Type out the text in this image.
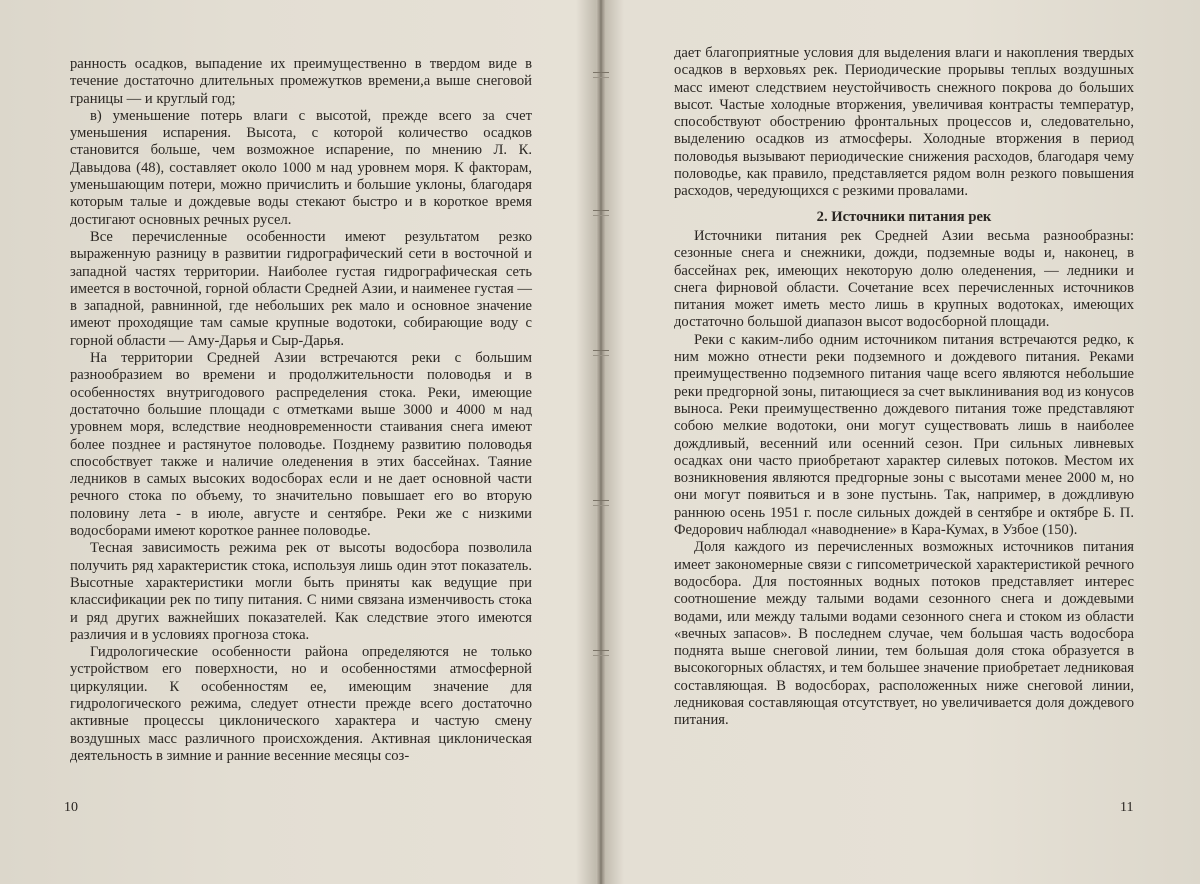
ранность осадков, выпадение их преимущественно в твердом виде в течение достаточно длительных промежутков времени,а выше снеговой границы — и круглый год;

в) уменьшение потерь влаги с высотой, прежде всего за счет уменьшения испарения. Высота, с которой количество осадков становится больше, чем возможное испарение, по мнению Л. К. Давыдова (48), составляет около 1000 м над уровнем моря. К факторам, уменьшающим потери, можно причислить и большие уклоны, благодаря которым талые и дождевые воды стекают быстро и в короткое время достигают основных речных русел.

Все перечисленные особенности имеют результатом резко выраженную разницу в развитии гидрографический сети в восточной и западной частях территории. Наиболее густая гидрографическая сеть имеется в восточной, горной области Средней Азии, и наименее густая — в западной, равнинной, где небольших рек мало и основное значение имеют проходящие там самые крупные водотоки, собирающие воду с горной области — Аму-Дарья и Сыр-Дарья.

На территории Средней Азии встречаются реки с большим разнообразием во времени и продолжительности половодья и в особенностях внутригодового распределения стока. Реки, имеющие достаточно большие площади с отметками выше 3000 и 4000 м над уровнем моря, вследствие неодновременности стаивания снега имеют более позднее и растянутое половодье. Позднему развитию половодья способствует также и наличие оледенения в этих бассейнах. Таяние ледников в самых высоких водосборах если и не дает основной части речного стока по объему, то значительно повышает его во вторую половину лета - в июле, августе и сентябре. Реки же с низкими водосборами имеют короткое раннее половодье.

Тесная зависимость режима рек от высоты водосбора позволила получить ряд характеристик стока, используя лишь один этот показатель. Высотные характеристики могли быть приняты как ведущие при классификации рек по типу питания. С ними связана изменчивость стока и ряд других важнейших показателей. Как следствие этого имеются различия и в условиях прогноза стока.

Гидрологические особенности района определяются не только устройством его поверхности, но и особенностями атмосферной циркуляции. К особенностям ее, имеющим значение для гидрологического режима, следует отнести прежде всего достаточно активные процессы циклонического характера и частую смену воздушных масс различного происхождения. Активная циклоническая деятельность в зимние и ранние весенние месяцы соз-

10

дает благоприятные условия для выделения влаги и накопления твердых осадков в верховьях рек. Периодические прорывы теплых воздушных масс имеют следствием неустойчивость снежного покрова до больших высот. Частые холодные вторжения, увеличивая контрасты температур, способствуют обострению фронтальных процессов и, следовательно, выделению осадков из атмосферы. Холодные вторжения в период половодья вызывают периодические снижения расходов, благодаря чему половодье, как правило, представляется рядом волн резкого повышения расходов, чередующихся с резкими провалами.

2. Источники питания рек

Источники питания рек Средней Азии весьма разнообразны: сезонные снега и снежники, дожди, подземные воды и, наконец, в бассейнах рек, имеющих некоторую долю оледенения, — ледники и снега фирновой области. Сочетание всех перечисленных источников питания может иметь место лишь в крупных водотоках, имеющих достаточно большой диапазон высот водосборной площади.

Реки с каким-либо одним источником питания встречаются редко, к ним можно отнести реки подземного и дождевого питания. Реками преимущественно подземного питания чаще всего являются небольшие реки предгорной зоны, питающиеся за счет выклинивания вод из конусов выноса. Реки преимущественно дождевого питания тоже представляют собою мелкие водотоки, они могут существовать лишь в наиболее дождливый, весенний или осенний сезон. При сильных ливневых осадках они часто приобретают характер силевых потоков. Местом их возникновения являются предгорные зоны с высотами менее 2000 м, но они могут появиться и в зоне пустынь. Так, например, в дождливую раннюю осень 1951 г. после сильных дождей в сентябре и октябре Б. П. Федорович наблюдал «наводнение» в Кара-Кумах, в Узбое (150).

Доля каждого из перечисленных возможных источников питания имеет закономерные связи с гипсометрической характеристикой речного водосбора. Для постоянных водных потоков представляет интерес соотношение между талыми водами сезонного снега и дождевыми водами, или между талыми водами сезонного снега и стоком из области «вечных запасов». В последнем случае, чем большая часть водосбора поднята выше снеговой линии, тем большая доля стока образуется в высокогорных областях, и тем большее значение приобретает ледниковая составляющая. В водосборах, расположенных ниже снеговой линии, ледниковая составляющая отсутствует, но увеличивается доля дождевого питания.

11
